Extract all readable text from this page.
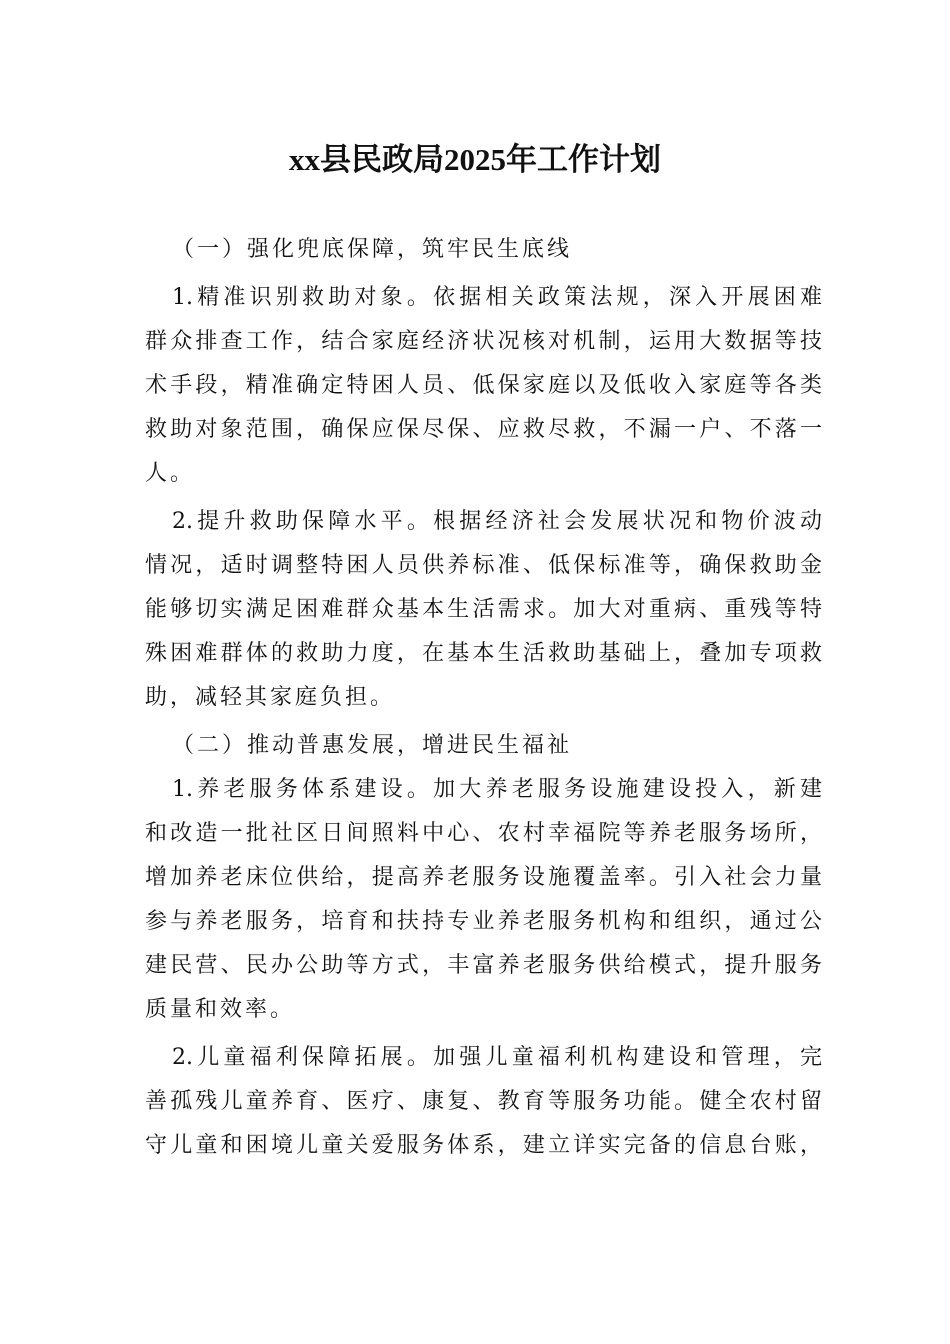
xx县民政局2025年工作计划
（一）强化兜底保障，筑牢民生底线
1.精准识别救助对象。依据相关政策法规，深入开展困难
群众排查工作，结合家庭经济状况核对机制，运用大数据等技
术手段，精准确定特困人员、低保家庭以及低收入家庭等各类
救助对象范围，确保应保尽保、应救尽救，不漏一户、不落一
人。
2.提升救助保障水平。根据经济社会发展状况和物价波动
情况，适时调整特困人员供养标准、低保标准等，确保救助金
能够切实满足困难群众基本生活需求。加大对重病、重残等特
殊困难群体的救助力度，在基本生活救助基础上，叠加专项救
助，减轻其家庭负担。
（二）推动普惠发展，增进民生福祉
1.养老服务体系建设。加大养老服务设施建设投入，新建
和改造一批社区日间照料中心、农村幸福院等养老服务场所，
增加养老床位供给，提高养老服务设施覆盖率。引入社会力量
参与养老服务，培育和扶持专业养老服务机构和组织，通过公
建民营、民办公助等方式，丰富养老服务供给模式，提升服务
质量和效率。
2.儿童福利保障拓展。加强儿童福利机构建设和管理，完
善孤残儿童养育、医疗、康复、教育等服务功能。健全农村留
守儿童和困境儿童关爱服务体系，建立详实完备的信息台账，
